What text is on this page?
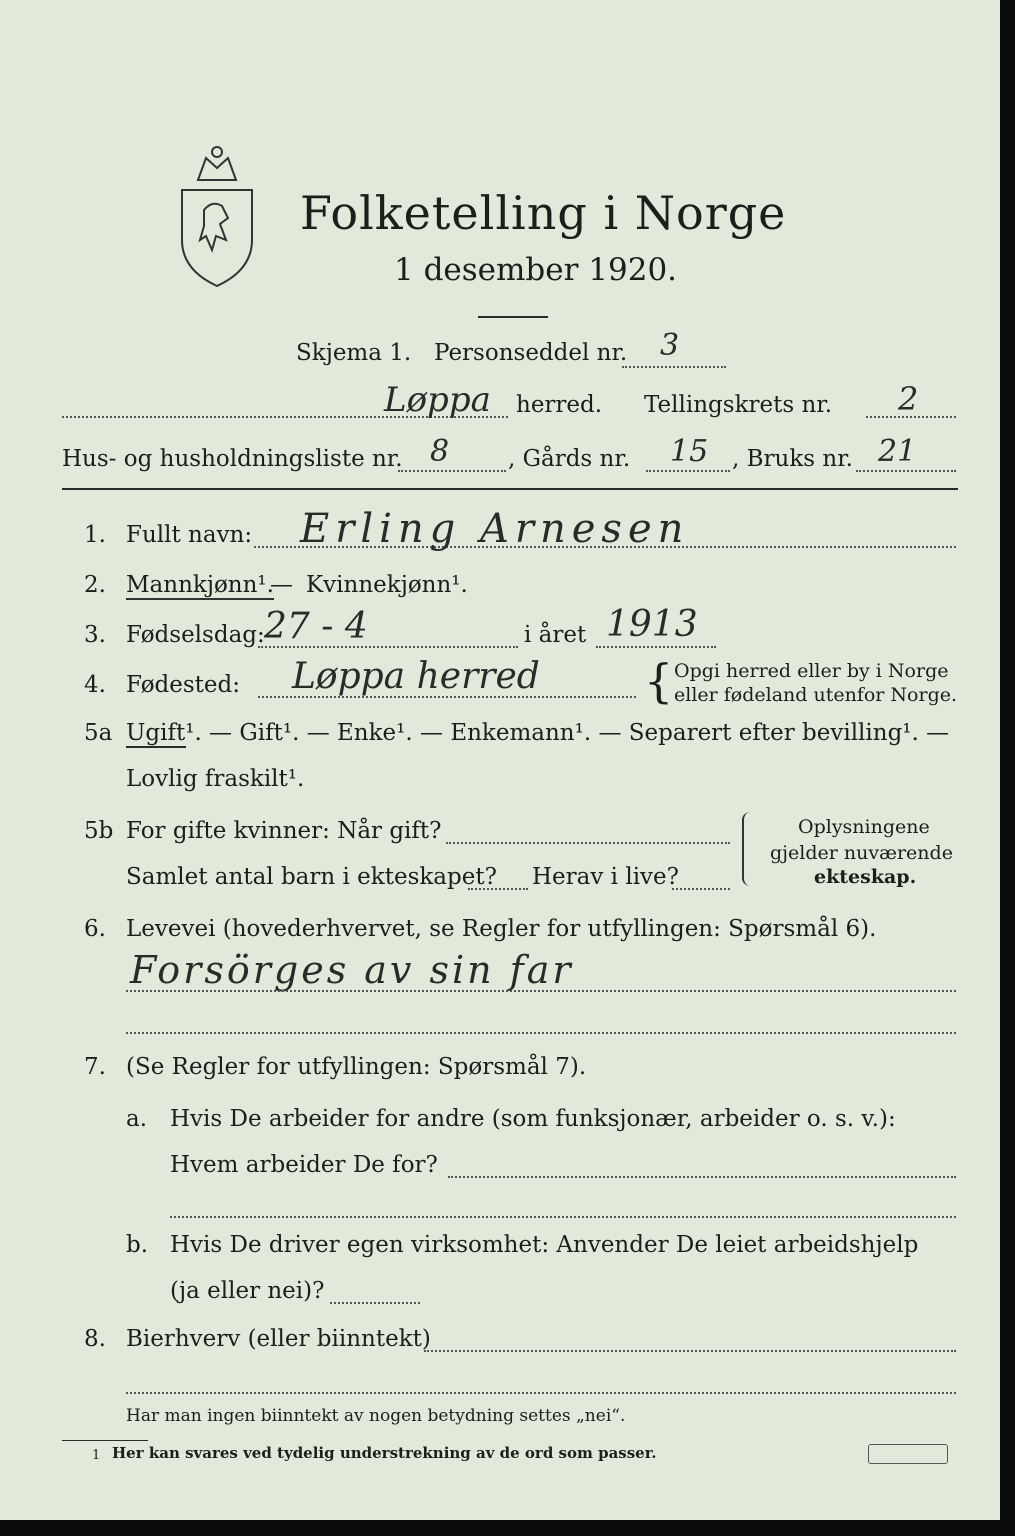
Folketelling i Norge
1 desember 1920.
Skjema 1. Personseddel nr. 3
Løppa herred. Tellingskrets nr. 2
Hus- og husholdningsliste nr. 8	, Gårds nr. 15 , Bruks nr. 21
1. Fullt navn: Erling Arnesen
2. Mannkjønn¹.
— Kvinnekjønn¹.
3. Fødselsdag: 27 - 4	i året 1913
4. Fødested: Løppa herred { Opgi herred eller by i Norge
eller fødeland utenfor Norge.
5a Ugift¹. — Gift¹. — Enke¹. — Enkemann¹. — Separert efter bevilling¹. —
Lovlig fraskilt¹.
5b For gifte kvinner: Når gift?
Samlet antal barn i ekteskapet? Herav i live?
Oplysningene
gjelder nuværende
ekteskap.
6. Levevei (hovederhvervet, se Regler for utfyllingen: Spørsmål 6).
Forsörges av sin far
7. (Se Regler for utfyllingen: Spørsmål 7).
a. Hvis De arbeider for andre (som funksjonær, arbeider o. s. v.):
Hvem arbeider De for?
b. Hvis De driver egen virksomhet: Anvender De leiet arbeidshjelp
(ja eller nei)?
8. Bierhverv (eller biinntekt)
Har man ingen biinntekt av nogen betydning settes „nei“.
1 Her kan svares ved tydelig understrekning av de ord som passer.
